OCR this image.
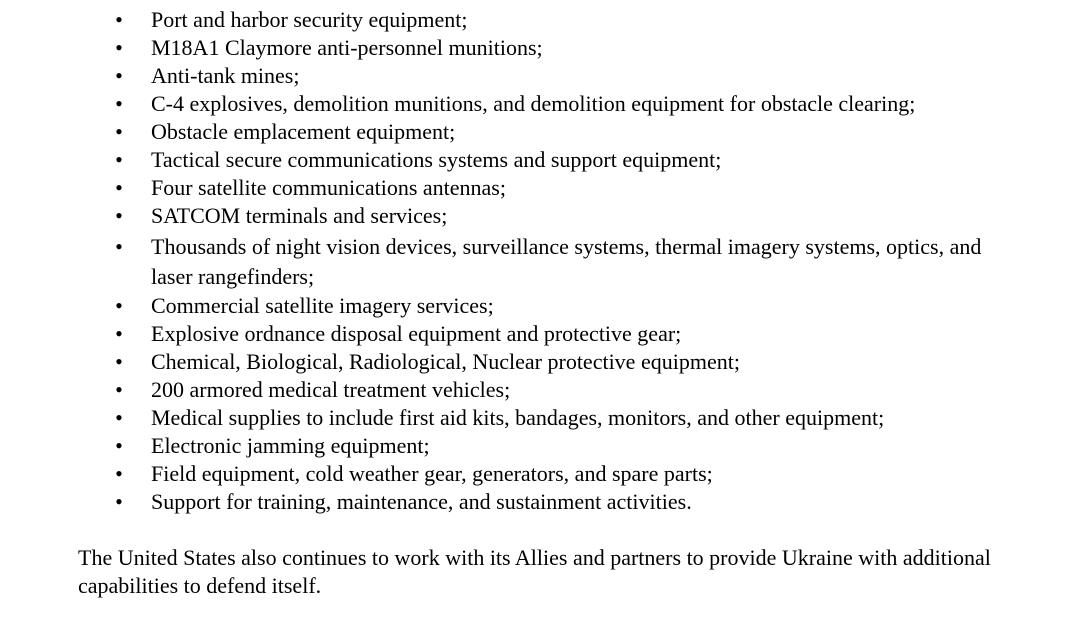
• Port and harbor security equipment;
• M18A1 Claymore anti-personnel munitions;
• Anti-tank mines;
• C-4 explosives, demolition munitions, and demolition equipment for obstacle clearing;
• Obstacle emplacement equipment;
• Tactical secure communications systems and support equipment;
• Four satellite communications antennas;
• SATCOM terminals and services;
• Thousands of night vision devices, surveillance systems, thermal imagery systems, optics, and laser rangefinders;
• Commercial satellite imagery services;
• Explosive ordnance disposal equipment and protective gear;
• Chemical, Biological, Radiological, Nuclear protective equipment;
• 200 armored medical treatment vehicles;
• Medical supplies to include first aid kits, bandages, monitors, and other equipment;
• Electronic jamming equipment;
• Field equipment, cold weather gear, generators, and spare parts;
• Support for training, maintenance, and sustainment activities.

The United States also continues to work with its Allies and partners to provide Ukraine with additional capabilities to defend itself.
